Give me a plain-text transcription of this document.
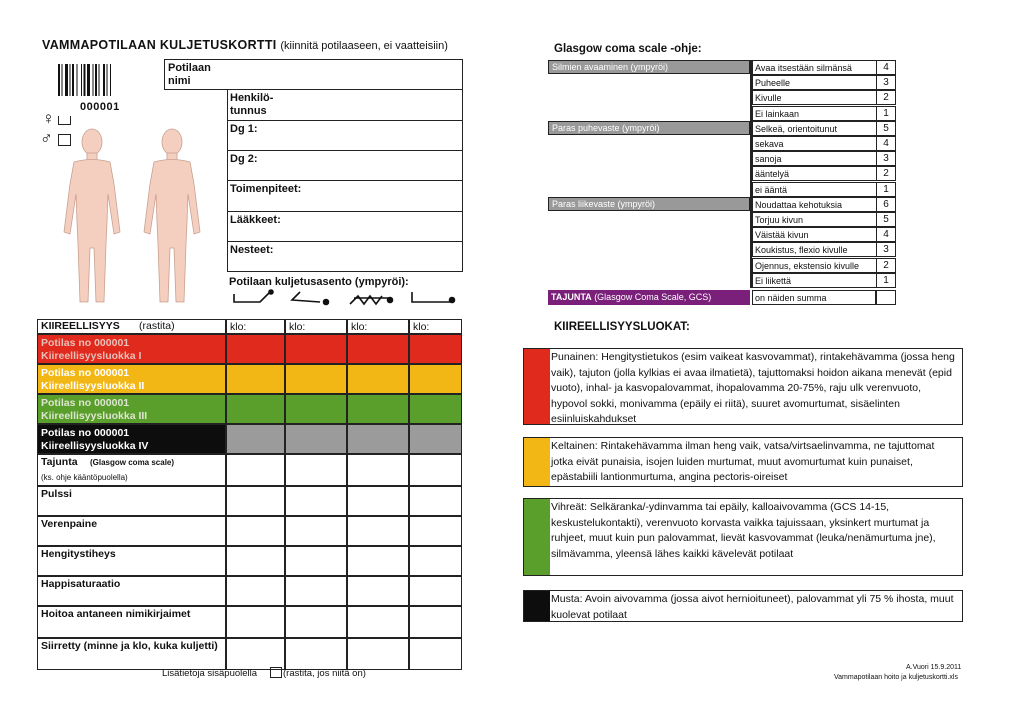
VAMMAPOTILAAN KULJETUSKORTTI (kiinnitä potilaaseen, ei vaatteisiin)
000001
♀
♂
Potilaan nimi
Henkilö-tunnus
Dg 1:
Dg 2:
Toimenpiteet:
Lääkkeet:
Nesteet:
Potilaan kuljetusasento (ympyröi):
KIIREELLISYYS (rastita)	klo:	klo:	klo:	klo:
Potilas no 000001
Kiireellisyysluokka I
Potilas no 000001
Kiireellisyysluokka II
Potilas no 000001
Kiireellisyysluokka III
Potilas no 000001
Kiireellisyysluokka IV
Tajunta	(Glasgow coma scale)
(ks. ohje kääntöpuolella)
Pulssi
Verenpaine
Hengitystiheys
Happisaturaatio
Hoitoa antaneen nimikirjaimet
Siirretty (minne ja klo, kuka kuljetti)
Lisätietoja sisäpuolella	(rastita, jos niitä on)
Glasgow coma scale -ohje:
Silmien avaaminen (ympyröi)	Avaa itsestään silmänsä	4
Puheelle	3
Kivulle	2
Ei lainkaan	1
Paras puhevaste (ympyröi)	Selkeä, orientoitunut	5
sekava	4
sanoja	3
ääntelyä	2
ei ääntä	1
Paras liikevaste (ympyröi)	Noudattaa kehotuksia	6
Torjuu kivun	5
Väistää kivun	4
Koukistus, flexio kivulle	3
Ojennus, ekstensio kivulle	2
Ei liikettä	1
TAJUNTA (Glasgow Coma Scale, GCS)	on näiden summa
KIIREELLISYYSLUOKAT:
Punainen: Hengitystietukos (esim vaikeat kasvovammat), rintakehävamma (jossa heng vaik), tajuton (jolla kylkias ei avaa ilmatietä), tajuttomaksi hoidon aikana menevät (epid vuoto), inhal- ja kasvopalovammat, ihopalovamma 20-75%, raju ulk verenvuoto, hypovol sokki, monivamma (epäily ei riitä), suuret avomurtumat, sisäelinten esiinluiskahdukset
Keltainen: Rintakehävamma ilman heng vaik, vatsa/virtsaelinvamma, ne tajuttomat jotka eivät punaisia, isojen luiden murtumat, muut avomurtumat kuin punaiset, epästabiili lantionmurtuma, angina pectoris-oireiset
Vihreät: Selkäranka/-ydinvamma tai epäily, kalloaivovamma (GCS 14-15, keskustelukontakti), verenvuoto korvasta vaikka tajuissaan, yksinkert murtumat ja ruhjeet, muut kuin pun palovammat, lievät kasvovammat (leuka/nenämurtuma jne), silmävamma, yleensä lähes kaikki kävelevät potilaat
Musta: Avoin aivovamma (jossa aivot hernioituneet), palovammat yli 75 % ihosta, muut kuolevat potilaat
A.Vuori 15.9.2011
Vammapotilaan hoito ja kuljetuskortti.xls
